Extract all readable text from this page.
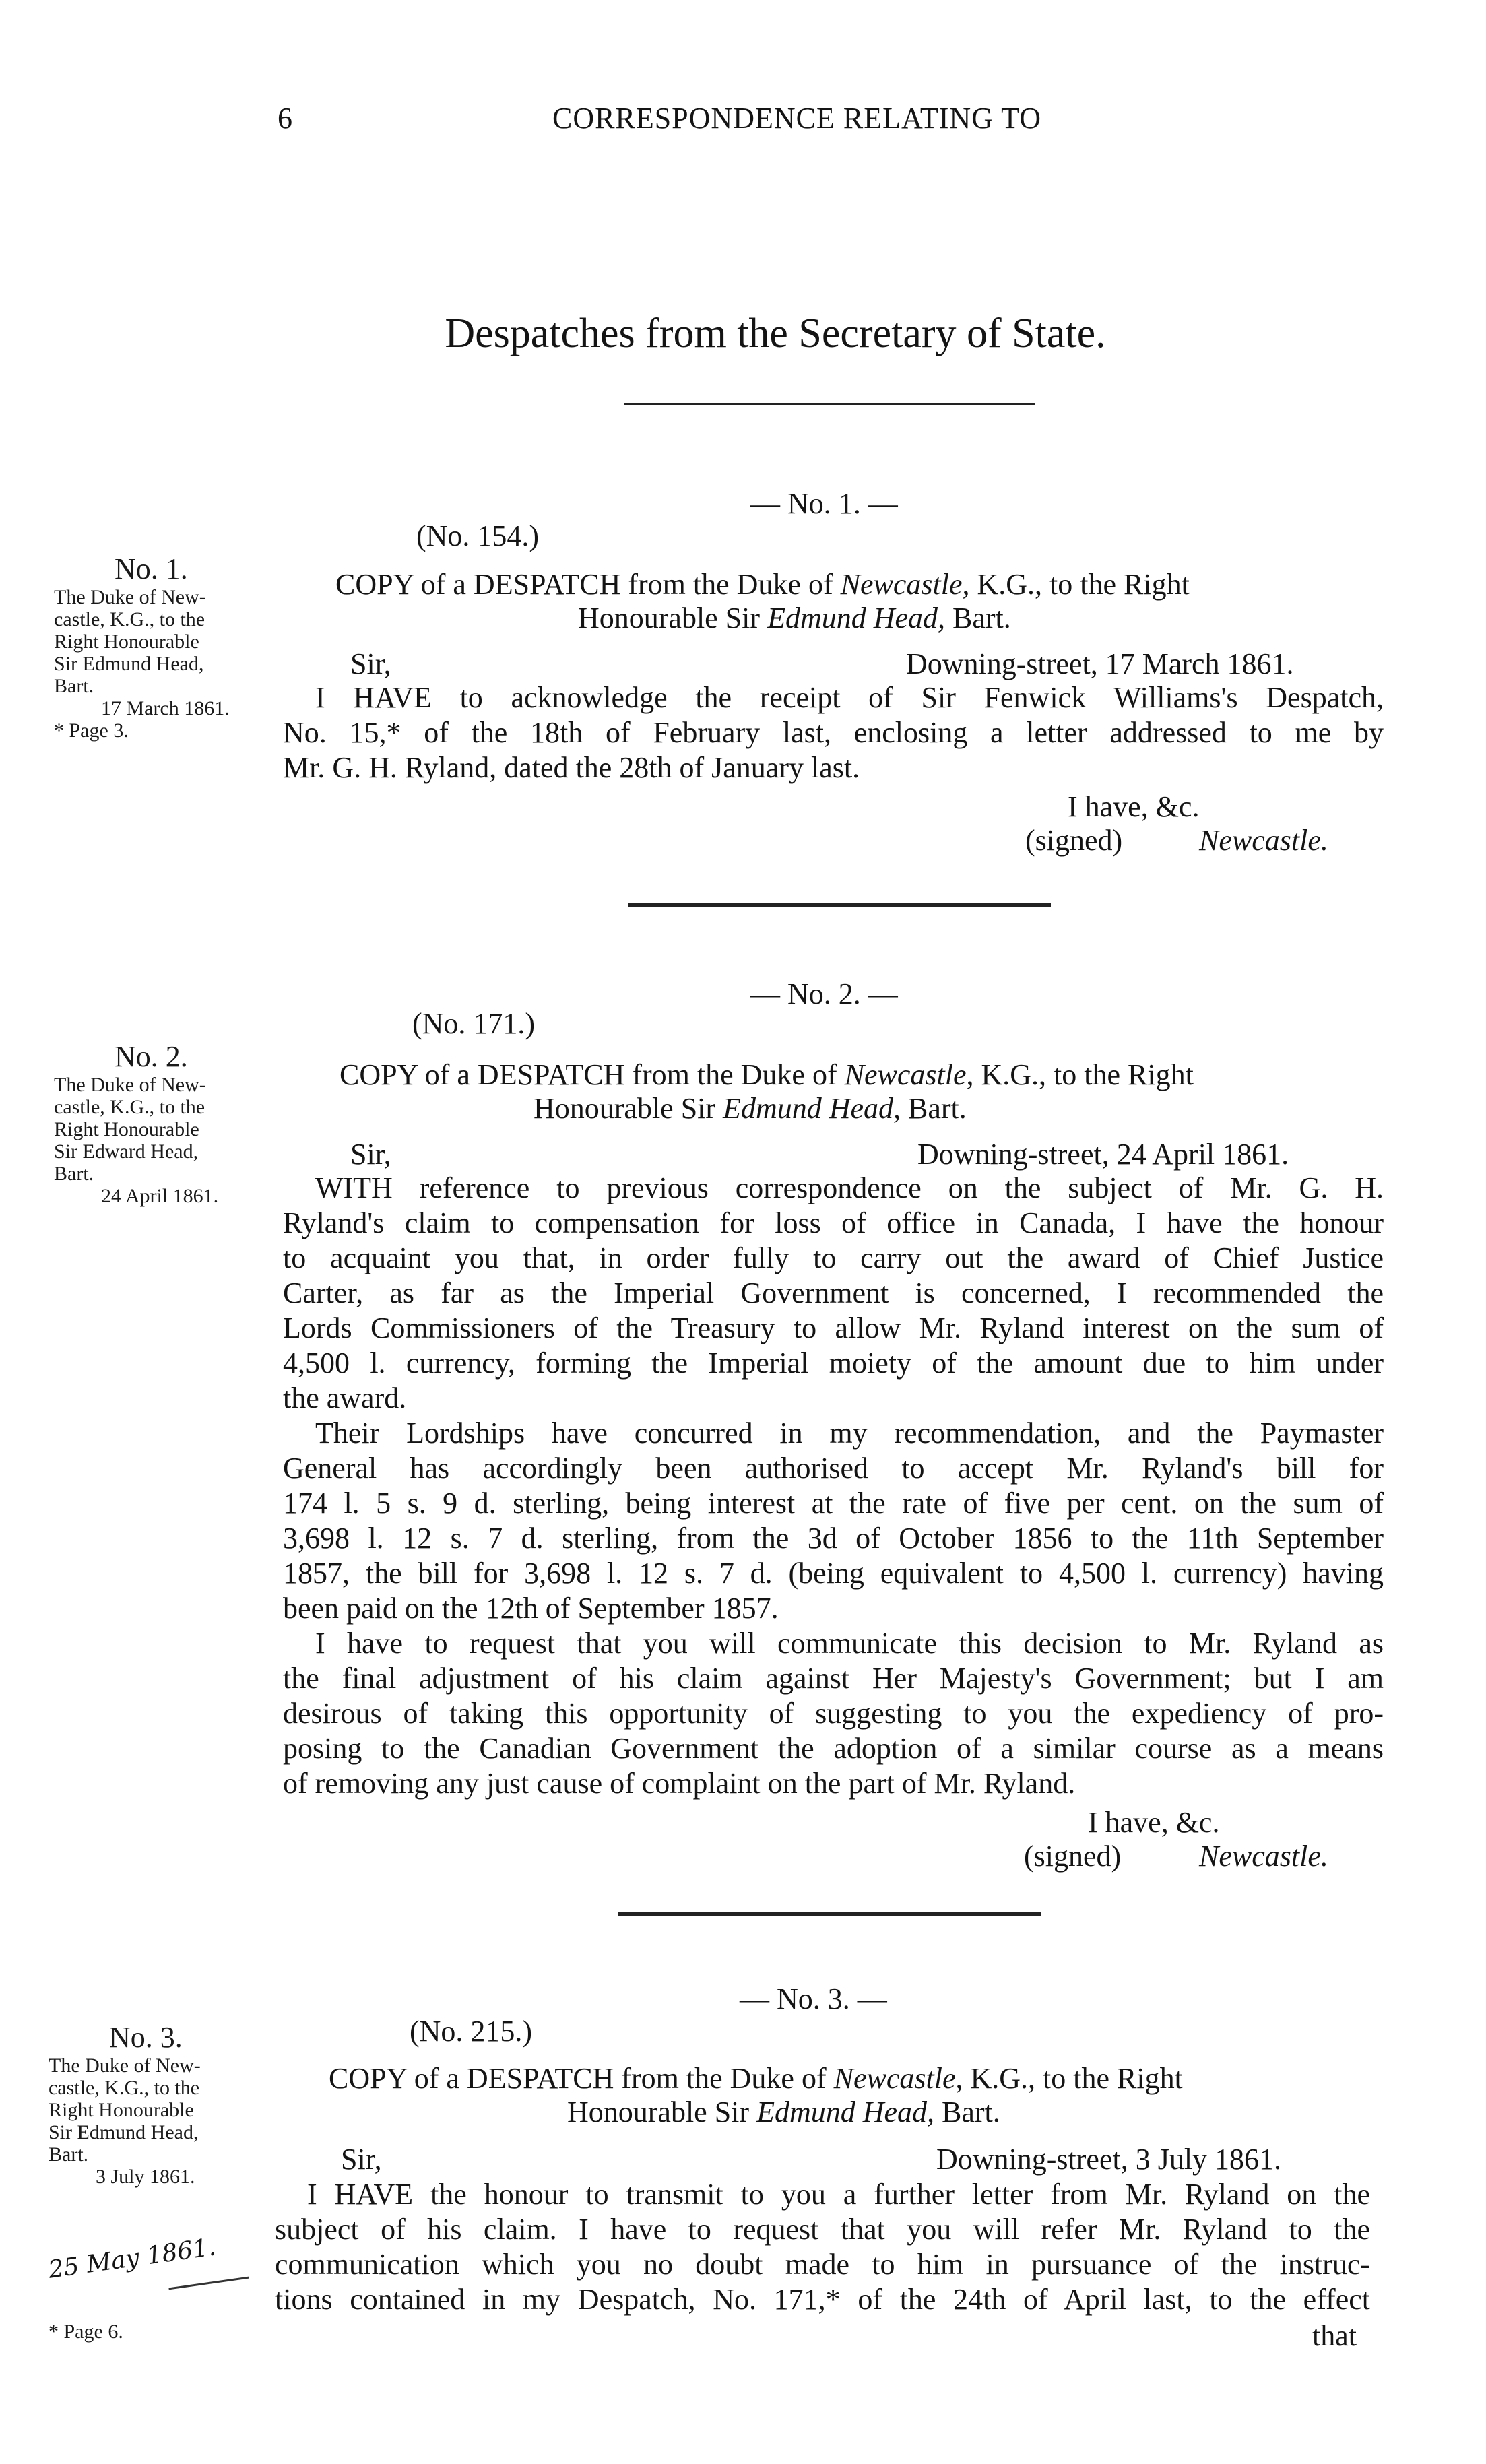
6	CORRESPONDENCE RELATING TO
Despatches from the Secretary of State.
— No. 1. —
(No. 154.)
No. 1.
The Duke of New-
castle, K.G., to the
Right Honourable
Sir Edmund Head,
Bart.
17 March 1861.
* Page 3.
COPY of a DESPATCH from the Duke of Newcastle, K.G., to the Right
Honourable Sir Edmund Head, Bart.
Sir,	Downing-street, 17 March 1861.
I HAVE to acknowledge the receipt of Sir Fenwick Williams's Despatch,
No. 15,* of the 18th of February last, enclosing a letter addressed to me by
Mr. G. H. Ryland, dated the 28th of January last.
I have, &c.
(signed)	Newcastle.
— No. 2. —
(No. 171.)
No. 2.
The Duke of New-
castle, K.G., to the
Right Honourable
Sir Edward Head,
Bart.
24 April 1861.
COPY of a DESPATCH from the Duke of Newcastle, K.G., to the Right
Honourable Sir Edmund Head, Bart.
Sir,	Downing-street, 24 April 1861.
WITH reference to previous correspondence on the subject of Mr. G. H.
Ryland's claim to compensation for loss of office in Canada, I have the honour
to acquaint you that, in order fully to carry out the award of Chief Justice
Carter, as far as the Imperial Government is concerned, I recommended the
Lords Commissioners of the Treasury to allow Mr. Ryland interest on the sum of
4,500 l. currency, forming the Imperial moiety of the amount due to him under
the award.
Their Lordships have concurred in my recommendation, and the Paymaster
General has accordingly been authorised to accept Mr. Ryland's bill for
174 l. 5 s. 9 d. sterling, being interest at the rate of five per cent. on the sum of
3,698 l. 12 s. 7 d. sterling, from the 3d of October 1856 to the 11th September
1857, the bill for 3,698 l. 12 s. 7 d. (being equivalent to 4,500 l. currency) having
been paid on the 12th of September 1857.
I have to request that you will communicate this decision to Mr. Ryland as
the final adjustment of his claim against Her Majesty's Government; but I am
desirous of taking this opportunity of suggesting to you the expediency of pro-
posing to the Canadian Government the adoption of a similar course as a means
of removing any just cause of complaint on the part of Mr. Ryland.
I have, &c.
(signed)	Newcastle.
— No. 3. —
(No. 215.)
No. 3.
The Duke of New-
castle, K.G., to the
Right Honourable
Sir Edmund Head,
Bart.
3 July 1861.
25 May 1861.
* Page 6.
COPY of a DESPATCH from the Duke of Newcastle, K.G., to the Right
Honourable Sir Edmund Head, Bart.
Sir,	Downing-street, 3 July 1861.
I HAVE the honour to transmit to you a further letter from Mr. Ryland on the
subject of his claim. I have to request that you will refer Mr. Ryland to the
communication which you no doubt made to him in pursuance of the instruc-
tions contained in my Despatch, No. 171,* of the 24th of April last, to the effect
that
